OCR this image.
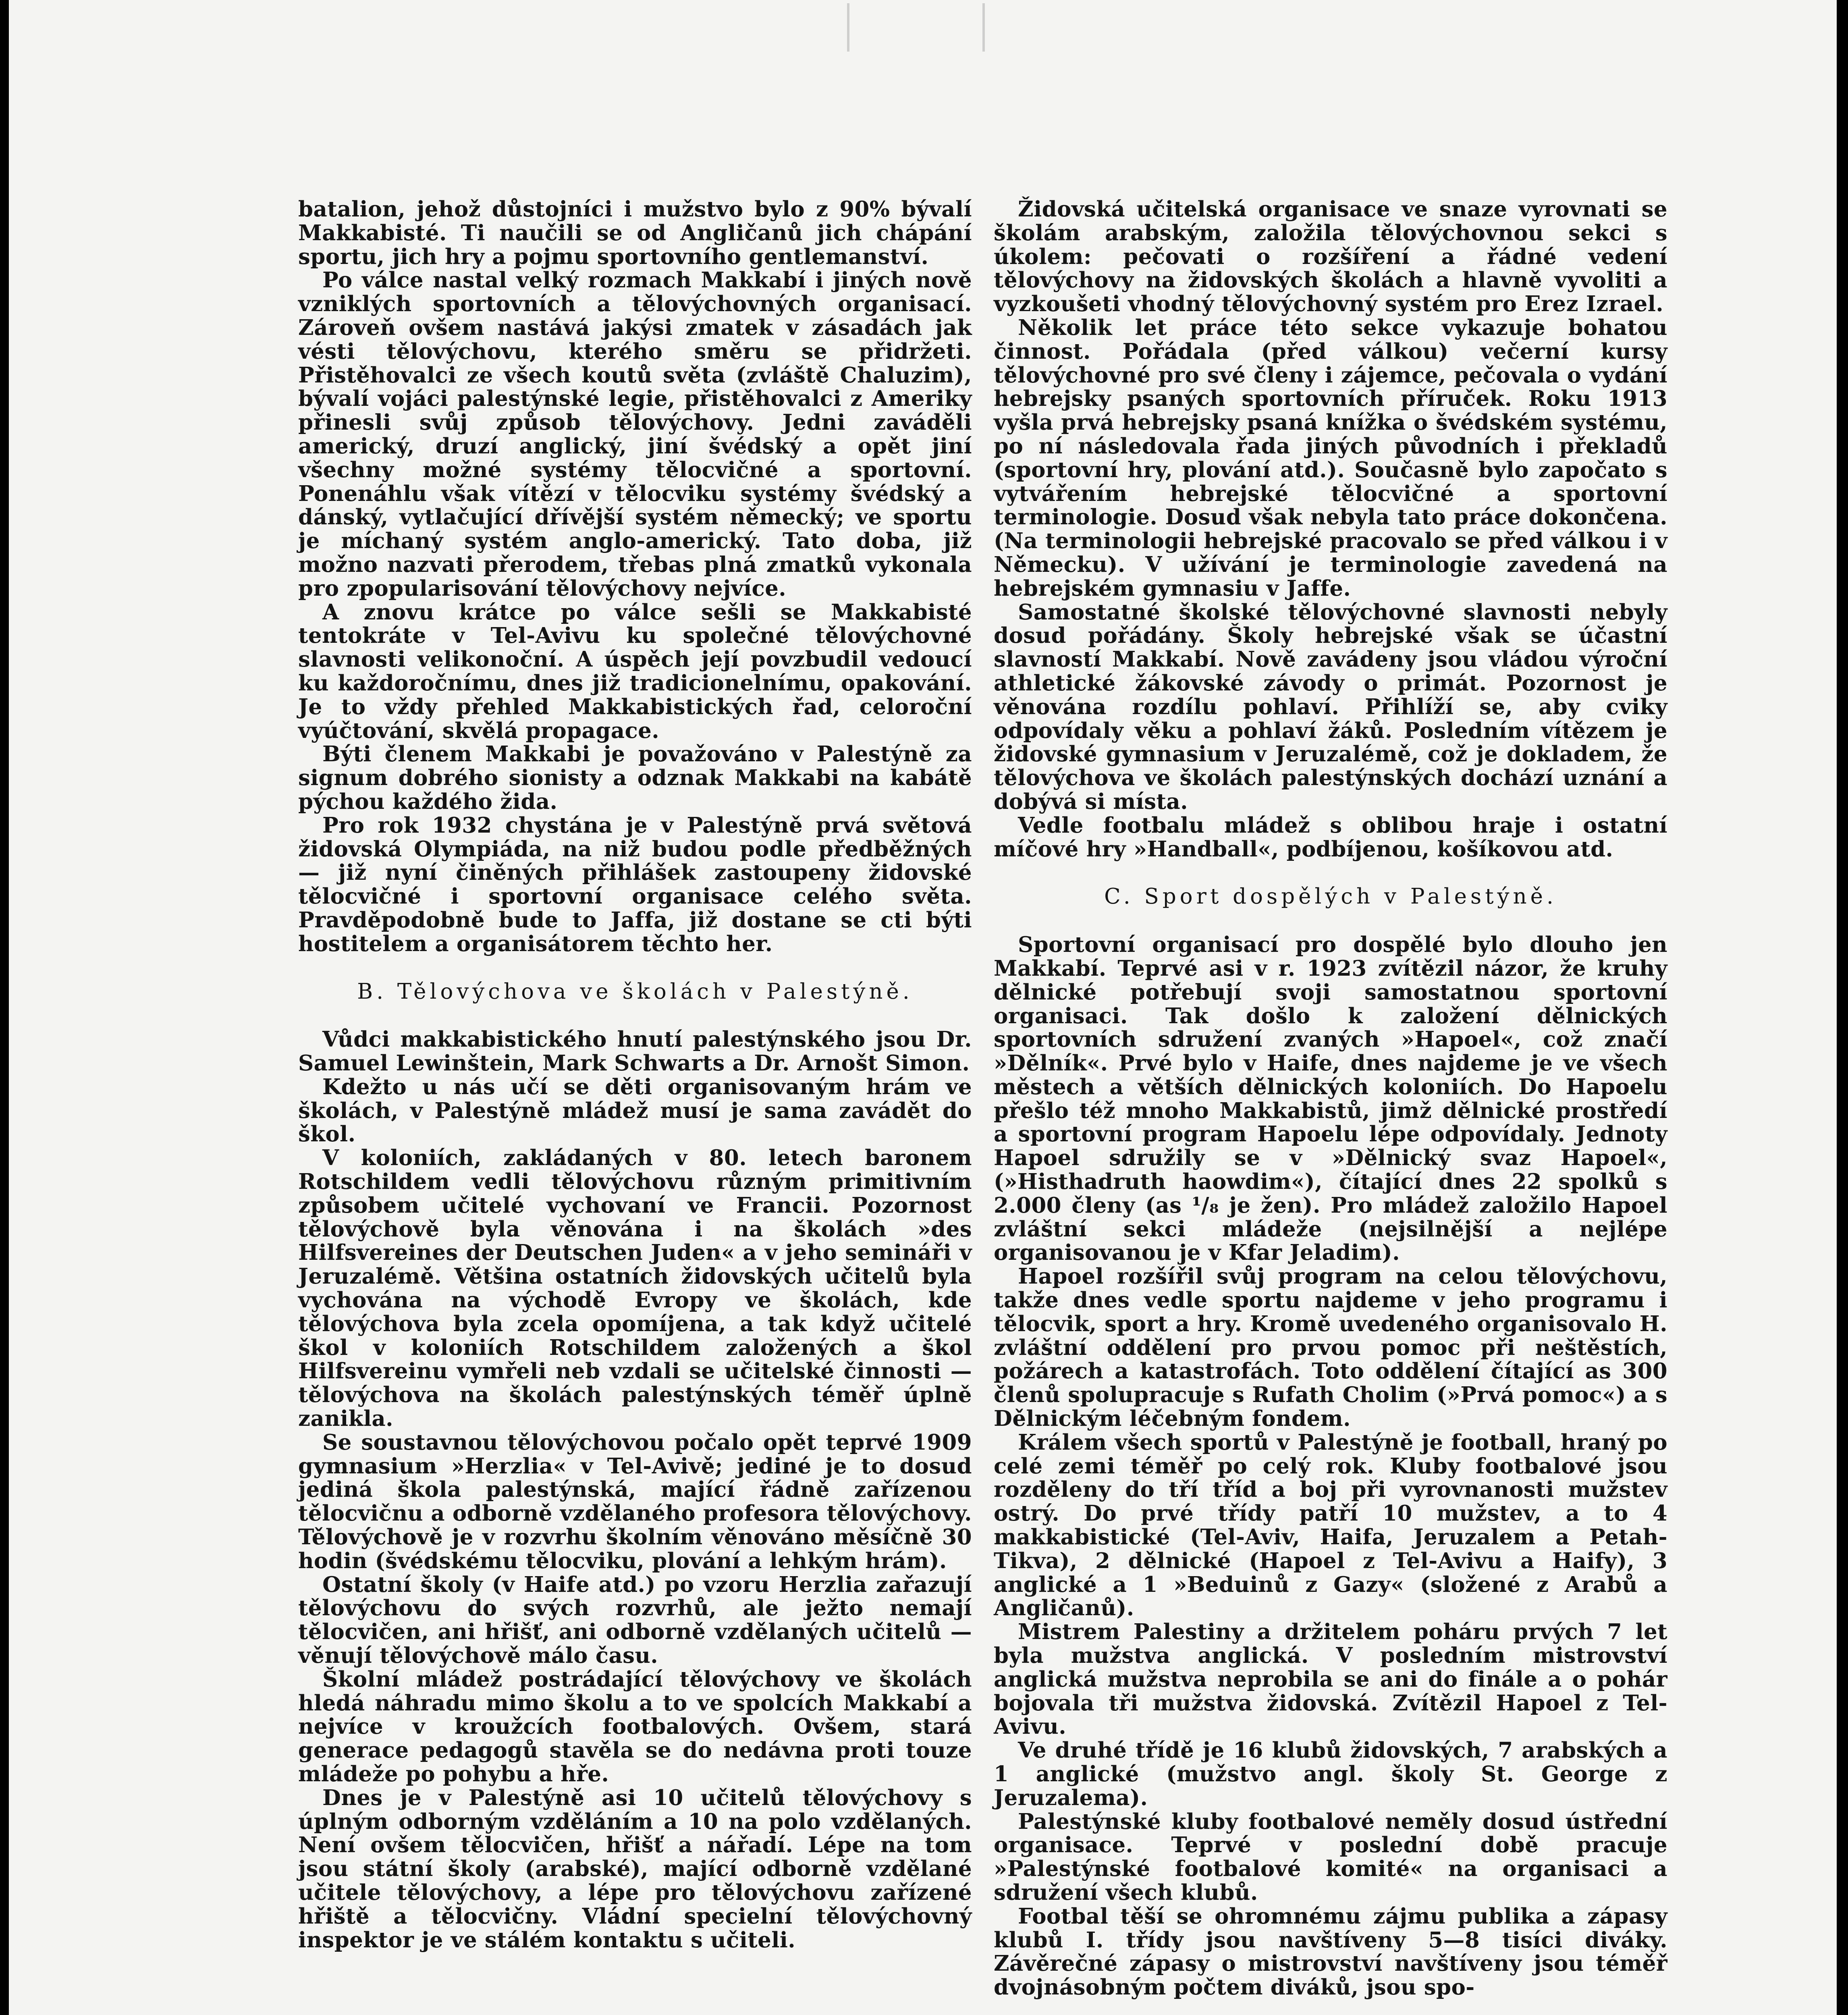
batalion, jehož důstojníci i mužstvo bylo z 90% bývalí Makkabisté. Ti naučili se od Angličanů jich chápání sportu, jich hry a pojmu sportovního gentlemanství.

Po válce nastal velký rozmach Makkabí i jiných nově vzniklých sportovních a tělovýchovných organisací. Zároveň ovšem nastává jakýsi zmatek v zásadách jak vésti tělovýchovu, kterého směru se přidržeti. Přistěhovalci ze všech koutů světa (zvláště Chaluzim), bývalí vojáci palestýnské legie, přistěhovalci z Ameriky přinesli svůj způsob tělovýchovy. Jedni zaváděli americký, druzí anglický, jiní švédský a opět jiní všechny možné systémy tělocvičné a sportovní. Ponenáhlu však vítězí v tělocviku systémy švédský a dánský, vytlačující dřívější systém německý; ve sportu je míchaný systém anglo-americký. Tato doba, již možno nazvati přerodem, třebas plná zmatků vykonala pro zpopularisování tělovýchovy nejvíce.

A znovu krátce po válce sešli se Makkabisté tentokráte v Tel-Avivu ku společné tělovýchovné slavnosti velikonoční. A úspěch její povzbudil vedoucí ku každoročnímu, dnes již tradicionelnímu, opakování. Je to vždy přehled Makkabistických řad, celoroční vyúčtování, skvělá propagace.

Býti členem Makkabi je považováno v Palestýně za signum dobrého sionisty a odznak Makkabi na kabátě pýchou každého žida.

Pro rok 1932 chystána je v Palestýně prvá světová židovská Olympiáda, na niž budou podle předběžných — již nyní činěných přihlášek zastoupeny židovské tělocvičné i sportovní organisace celého světa. Pravděpodobně bude to Jaffa, již dostane se cti býti hostitelem a organisátorem těchto her.

B. Tělovýchova ve školách v Palestýně.

Vůdci makkabistického hnutí palestýnského jsou Dr. Samuel Lewinštein, Mark Schwarts a Dr. Arnošt Simon.

Kdežto u nás učí se děti organisovaným hrám ve školách, v Palestýně mládež musí je sama zavádět do škol.

V koloniích, zakládaných v 80. letech baronem Rotschildem vedli tělovýchovu různým primitivním způsobem učitelé vychovaní ve Francii. Pozornost tělovýchově byla věnována i na školách »des Hilfsvereines der Deutschen Juden« a v jeho semináři v Jeruzalémě. Většina ostatních židovských učitelů byla vychována na východě Evropy ve školách, kde tělovýchova byla zcela opomíjena, a tak když učitelé škol v koloniích Rotschildem založených a škol Hilfsvereinu vymřeli neb vzdali se učitelské činnosti — tělovýchova na školách palestýnských téměř úplně zanikla.

Se soustavnou tělovýchovou počalo opět teprvé 1909 gymnasium »Herzlia« v Tel-Avivě; jediné je to dosud jediná škola palestýnská, mající řádně zařízenou tělocvičnu a odborně vzdělaného profesora tělovýchovy. Tělovýchově je v rozvrhu školním věnováno měsíčně 30 hodin (švédskému tělocviku, plování a lehkým hrám).

Ostatní školy (v Haife atd.) po vzoru Herzlia zařazují tělovýchovu do svých rozvrhů, ale ježto nemají tělocvičen, ani hřišť, ani odborně vzdělaných učitelů — věnují tělovýchově málo času.

Školní mládež postrádající tělovýchovy ve školách hledá náhradu mimo školu a to ve spolcích Makkabí a nejvíce v kroužcích footbalových. Ovšem, stará generace pedagogů stavěla se do nedávna proti touze mládeže po pohybu a hře.

Dnes je v Palestýně asi 10 učitelů tělovýchovy s úplným odborným vzděláním a 10 na polo vzdělaných. Není ovšem tělocvičen, hřišť a nářadí. Lépe na tom jsou státní školy (arabské), mající odborně vzdělané učitele tělovýchovy, a lépe pro tělovýchovu zařízené hřiště a tělocvičny. Vládní specielní tělovýchovný inspektor je ve stálém kontaktu s učiteli.

Židovská učitelská organisace ve snaze vyrovnati se školám arabským, založila tělovýchovnou sekci s úkolem: pečovati o rozšíření a řádné vedení tělovýchovy na židovských školách a hlavně vyvoliti a vyzkoušeti vhodný tělovýchovný systém pro Erez Izrael.

Několik let práce této sekce vykazuje bohatou činnost. Pořádala (před válkou) večerní kursy tělovýchovné pro své členy i zájemce, pečovala o vydání hebrejsky psaných sportovních příruček. Roku 1913 vyšla prvá hebrejsky psaná knížka o švédském systému, po ní následovala řada jiných původních i překladů (sportovní hry, plování atd.). Současně bylo započato s vytvářením hebrejské tělocvičné a sportovní terminologie. Dosud však nebyla tato práce dokončena. (Na terminologii hebrejské pracovalo se před válkou i v Německu). V užívání je terminologie zavedená na hebrejském gymnasiu v Jaffe.

Samostatné školské tělovýchovné slavnosti nebyly dosud pořádány. Školy hebrejské však se účastní slavností Makkabí. Nově zavádeny jsou vládou výroční athletické žákovské závody o primát. Pozornost je věnována rozdílu pohlaví. Přihlíží se, aby cviky odpovídaly věku a pohlaví žáků. Posledním vítězem je židovské gymnasium v Jeruzalémě, což je dokladem, že tělovýchova ve školách palestýnských dochází uznání a dobývá si místa.

Vedle footbalu mládež s oblibou hraje i ostatní míčové hry »Handball«, podbíjenou, košíkovou atd.

C. Sport dospělých v Palestýně.

Sportovní organisací pro dospělé bylo dlouho jen Makkabí. Teprvé asi v r. 1923 zvítězil názor, že kruhy dělnické potřebují svoji samostatnou sportovní organisaci. Tak došlo k založení dělnických sportovních sdružení zvaných »Hapoel«, což značí »Dělník«. Prvé bylo v Haife, dnes najdeme je ve všech městech a větších dělnických koloniích. Do Hapoelu přešlo též mnoho Makkabistů, jimž dělnické prostředí a sportovní program Hapoelu lépe odpovídaly. Jednoty Hapoel sdružily se v »Dělnický svaz Hapoel«, (»Histhadruth haowdim«), čítající dnes 22 spolků s 2.000 členy (as ¹/₈ je žen). Pro mládež založilo Hapoel zvláštní sekci mládeže (nejsilnější a nejlépe organisovanou je v Kfar Jeladim).

Hapoel rozšířil svůj program na celou tělovýchovu, takže dnes vedle sportu najdeme v jeho programu i tělocvik, sport a hry. Kromě uvedeného organisovalo H. zvláštní oddělení pro prvou pomoc při neštěstích, požárech a katastrofách. Toto oddělení čítající as 300 členů spolupracuje s Rufath Cholim (»Prvá pomoc«) a s Dělnickým léčebným fondem.

Králem všech sportů v Palestýně je football, hraný po celé zemi téměř po celý rok. Kluby footbalové jsou rozděleny do tří tříd a boj při vyrovnanosti mužstev ostrý. Do prvé třídy patří 10 mužstev, a to 4 makkabistické (Tel-Aviv, Haifa, Jeruzalem a Petah-Tikva), 2 dělnické (Hapoel z Tel-Avivu a Haify), 3 anglické a 1 »Beduinů z Gazy« (složené z Arabů a Angličanů).

Mistrem Palestiny a držitelem poháru prvých 7 let byla mužstva anglická. V posledním mistrovství anglická mužstva neprobila se ani do finále a o pohár bojovala tři mužstva židovská. Zvítězil Hapoel z Tel-Avivu.

Ve druhé třídě je 16 klubů židovských, 7 arabských a 1 anglické (mužstvo angl. školy St. George z Jeruzalema).

Palestýnské kluby footbalové neměly dosud ústřední organisace. Teprvé v poslední době pracuje »Palestýnské footbalové komité« na organisaci a sdružení všech klubů.

Footbal těší se ohromnému zájmu publika a zápasy klubů I. třídy jsou navštíveny 5—8 tisíci diváky. Závěrečné zápasy o mistrovství navštíveny jsou téměř dvojnásobným počtem diváků, jsou spo-
